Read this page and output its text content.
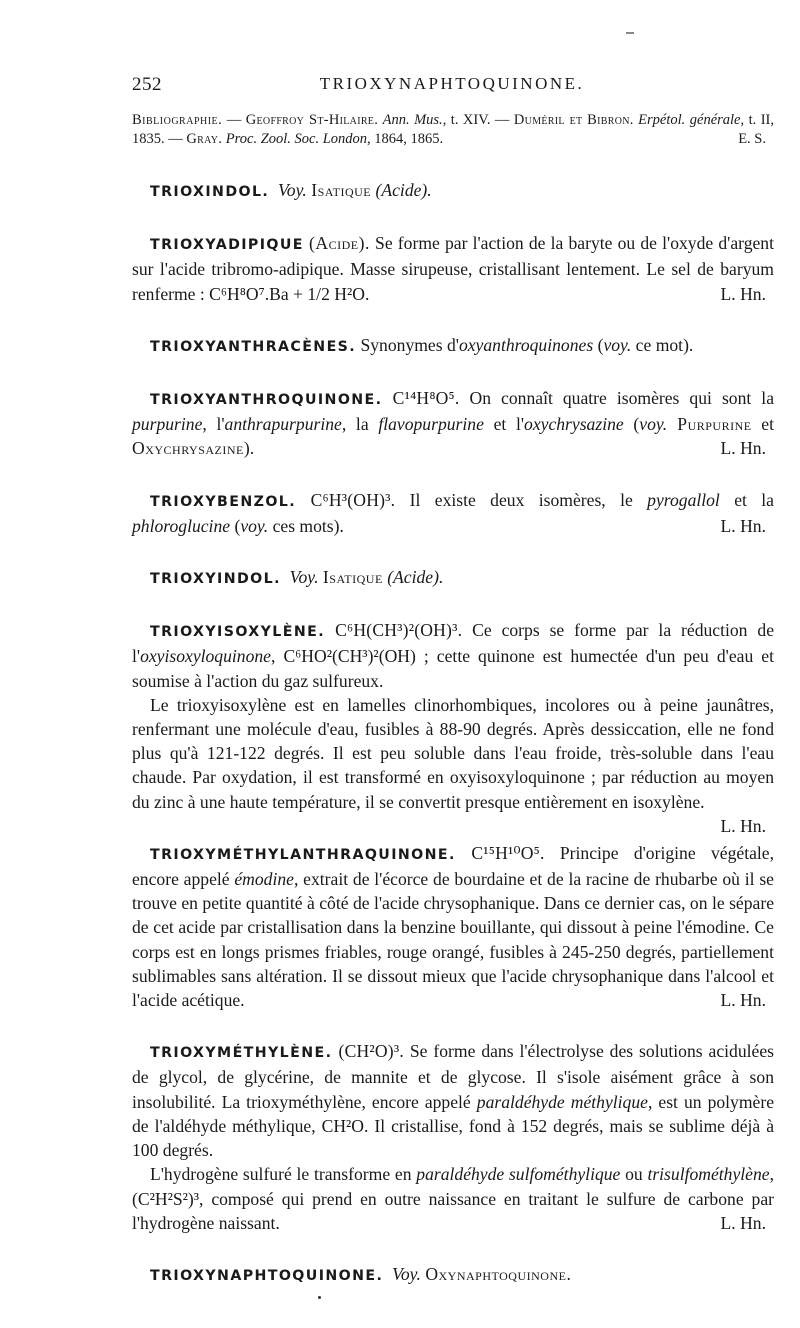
252	TRIOXYNAPHTOQUINONE.
Bibliographie. — Geoffroy St-Hilaire. Ann. Mus., t. XIV. — Duméril et Bibron. Erpétol. générale, t. II, 1835. — Gray. Proc. Zool. Soc. London, 1864, 1865.	E. S.

TRIOXINDOL. Voy. Isatique (Acide).

TRIOXYADIPIQUE (Acide). Se forme par l'action de la baryte ou de l'oxyde d'argent sur l'acide tribromo-adipique. Masse sirupeuse, cristallisant lentement. Le sel de baryum renferme : C⁶H⁸O⁷.Ba + 1/2 H²O.	L. Hn.

TRIOXYANTHRACÈNES. Synonymes d'oxyanthroquinones (voy. ce mot).

TRIOXYANTHROQUINONE. C¹⁴H⁸O⁵. On connaît quatre isomères qui sont la purpurine, l'anthrapurpurine, la flavopurpurine et l'oxychrysazine (voy. Purpurine et Oxychrysazine).	L. Hn.

TRIOXYBENZOL. C⁶H³(OH)³. Il existe deux isomères, le pyrogallol et la phloroglucine (voy. ces mots).	L. Hn.

TRIOXYINDOL. Voy. Isatique (Acide).

TRIOXYISOXYLÈNE. C⁶H(CH³)²(OH)³. Ce corps se forme par la réduction de l'oxyisoxyloquinone, C⁶HO²(CH³)²(OH) ; cette quinone est humectée d'un peu d'eau et soumise à l'action du gaz sulfureux.

Le trioxyisoxylène est en lamelles clinorhombiques, incolores ou à peine jaunâtres, renfermant une molécule d'eau, fusibles à 88-90 degrés. Après dessiccation, elle ne fond plus qu'à 121-122 degrés. Il est peu soluble dans l'eau froide, très-soluble dans l'eau chaude. Par oxydation, il est transformé en oxyisoxyloquinone ; par réduction au moyen du zinc à une haute température, il se convertit presque entièrement en isoxylène.
L. Hn.

TRIOXYMÉTHYLANTHRAQUINONE. C¹⁵H¹⁰O⁵. Principe d'origine végétale, encore appelé émodine, extrait de l'écorce de bourdaine et de la racine de rhubarbe où il se trouve en petite quantité à côté de l'acide chrysophanique. Dans ce dernier cas, on le sépare de cet acide par cristallisation dans la benzine bouillante, qui dissout à peine l'émodine. Ce corps est en longs prismes friables, rouge orangé, fusibles à 245-250 degrés, partiellement sublimables sans altération. Il se dissout mieux que l'acide chrysophanique dans l'alcool et l'acide acétique.	L. Hn.

TRIOXYMÉTHYLÈNE. (CH²O)³. Se forme dans l'électrolyse des solutions acidulées de glycol, de glycérine, de mannite et de glycose. Il s'isole aisément grâce à son insolubilité. La trioxyméthylène, encore appelé paraldéhyde méthylique, est un polymère de l'aldéhyde méthylique, CH²O. Il cristallise, fond à 152 degrés, mais se sublime déjà à 100 degrés.

L'hydrogène sulfuré le transforme en paraldéhyde sulfométhylique ou trisulfométhylène, (C²H²S²)³, composé qui prend en outre naissance en traitant le sulfure de carbone par l'hydrogène naissant.	L. Hn.

TRIOXYNAPHTOQUINONE. Voy. Oxynaphtoquinone.
